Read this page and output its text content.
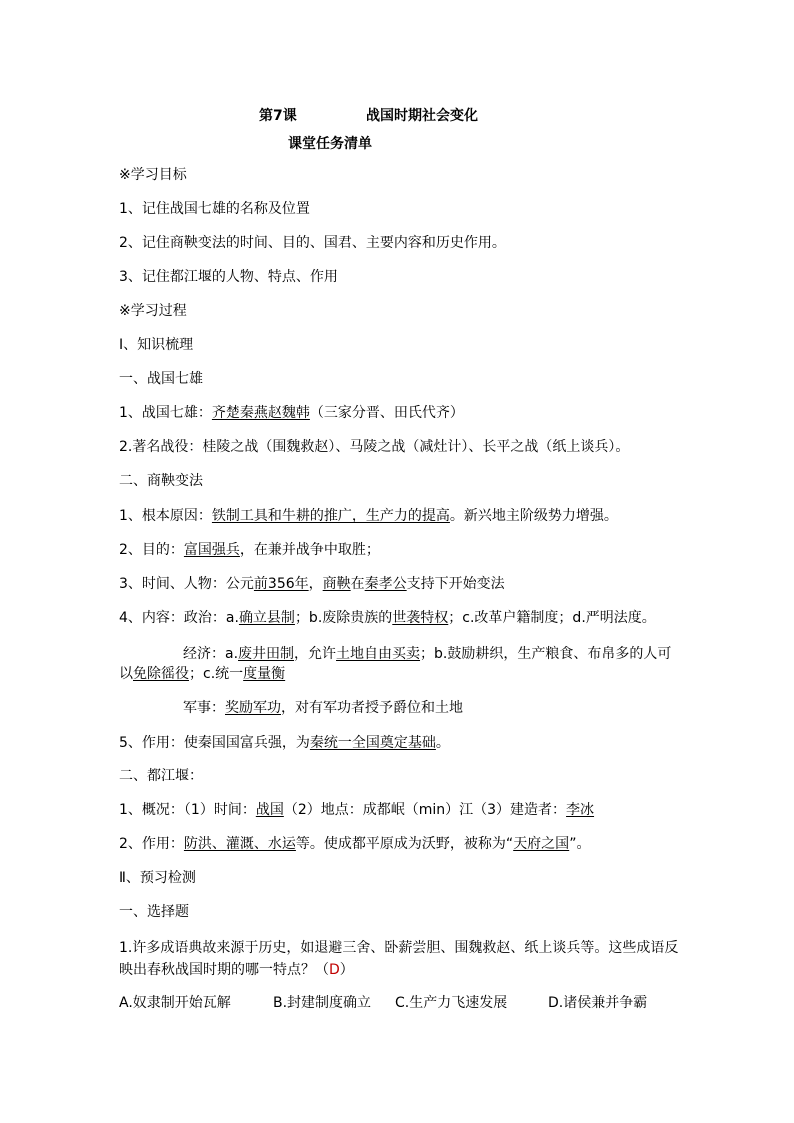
第7课	战国时期社会变化
课堂任务清单
※学习目标
1、记住战国七雄的名称及位置
2、记住商鞅变法的时间、目的、国君、主要内容和历史作用。
3、记住都江堰的人物、特点、作用
※学习过程
Ⅰ、知识梳理
一、战国七雄
1、战国七雄：齐楚秦燕赵魏韩（三家分晋、田氏代齐）
2.著名战役：桂陵之战（围魏救赵）、马陵之战（减灶计）、长平之战（纸上谈兵）。
二、商鞅变法
1、根本原因：铁制工具和牛耕的推广，生产力的提高。新兴地主阶级势力增强。
2、目的：富国强兵，在兼并战争中取胜；
3、时间、人物：公元前356年，商鞅在秦孝公支持下开始变法
4、内容：政治：a.确立县制；b.废除贵族的世袭特权；c.改革户籍制度；d.严明法度。
经济：a.废井田制，允许土地自由买卖；b.鼓励耕织，生产粮食、布帛多的人可
以免除徭役；c.统一度量衡
军事：奖励军功，对有军功者授予爵位和土地
5、作用：使秦国国富兵强，为秦统一全国奠定基础。
二、都江堰：
1、概况：（1）时间：战国（2）地点：成都岷（min）江（3）建造者：李冰
2、作用：防洪、灌溉、水运等。使成都平原成为沃野，被称为“天府之国”。
Ⅱ、预习检测
一、选择题
1.许多成语典故来源于历史，如退避三舍、卧薪尝胆、围魏救赵、纸上谈兵等。这些成语反映出春秋战国时期的哪一特点？（D）
A.奴隶制开始瓦解	B.封建制度确立 C.生产力飞速发展	D.诸侯兼并争霸
